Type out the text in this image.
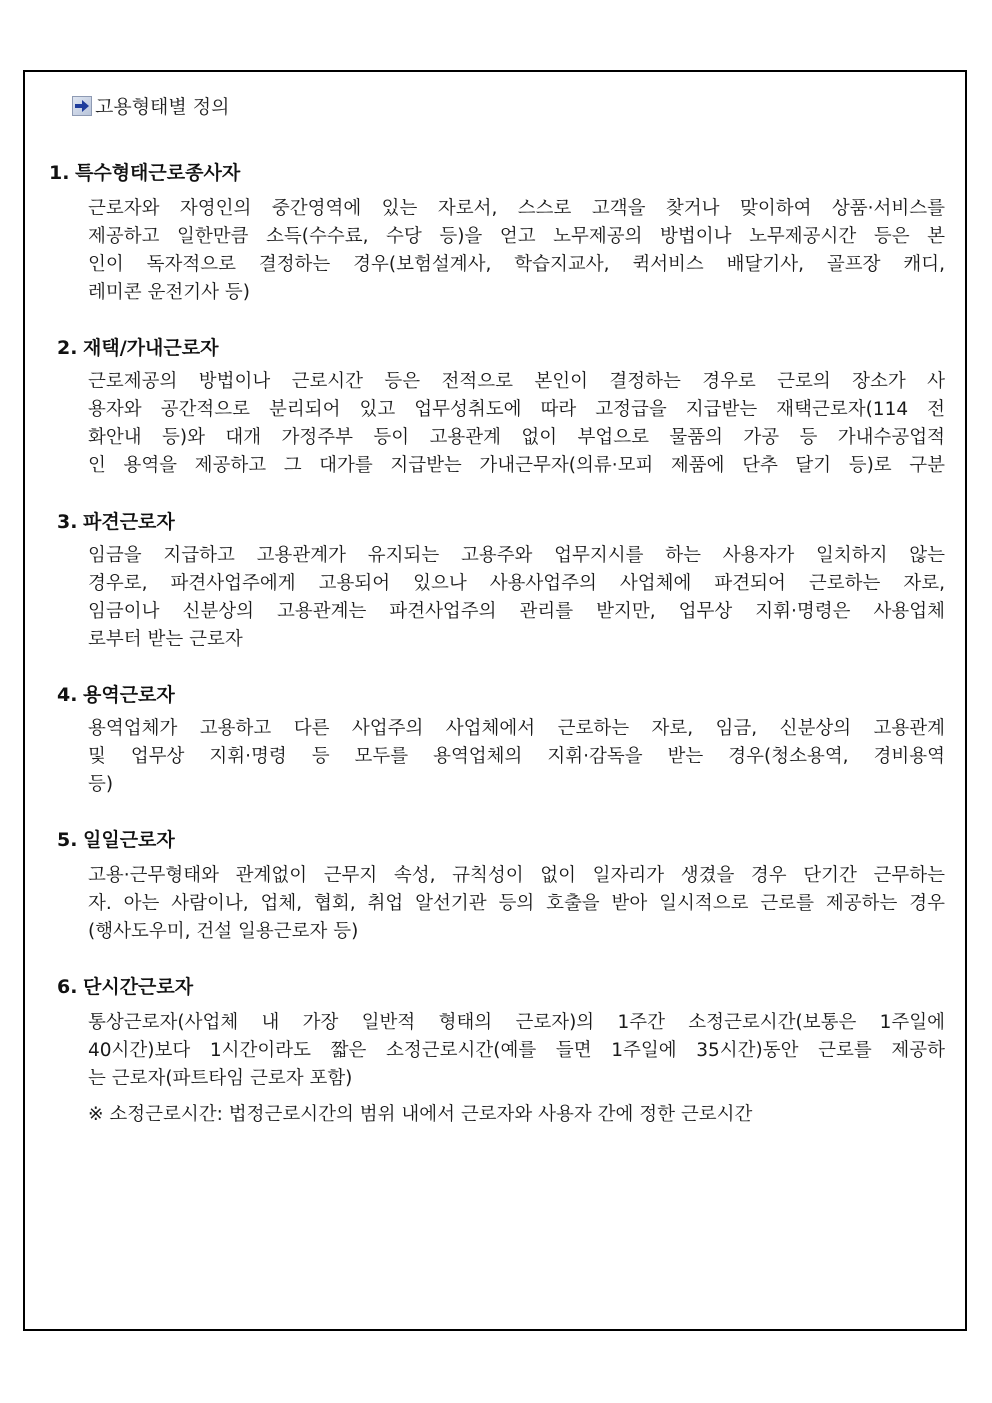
고용형태별 정의
1. 특수형태근로종사자
근로자와 자영인의 중간영역에 있는 자로서, 스스로 고객을 찾거나 맞이하여 상품·서비스를
제공하고 일한만큼 소득(수수료, 수당 등)을 얻고 노무제공의 방법이나 노무제공시간 등은 본
인이 독자적으로 결정하는 경우(보험설계사, 학습지교사, 퀵서비스 배달기사, 골프장 캐디,
레미콘 운전기사 등)
2. 재택/가내근로자
근로제공의 방법이나 근로시간 등은 전적으로 본인이 결정하는 경우로 근로의 장소가 사
용자와 공간적으로 분리되어 있고 업무성취도에 따라 고정급을 지급받는 재택근로자(114 전
화안내 등)와 대개 가정주부 등이 고용관계 없이 부업으로 물품의 가공 등 가내수공업적
인 용역을 제공하고 그 대가를 지급받는 가내근무자(의류·모피 제품에 단추 달기 등)로 구분
3. 파견근로자
임금을 지급하고 고용관계가 유지되는 고용주와 업무지시를 하는 사용자가 일치하지 않는
경우로, 파견사업주에게 고용되어 있으나 사용사업주의 사업체에 파견되어 근로하는 자로,
임금이나 신분상의 고용관계는 파견사업주의 관리를 받지만, 업무상 지휘·명령은 사용업체
로부터 받는 근로자
4. 용역근로자
용역업체가 고용하고 다른 사업주의 사업체에서 근로하는 자로, 임금, 신분상의 고용관계
및 업무상 지휘·명령 등 모두를 용역업체의 지휘·감독을 받는 경우(청소용역, 경비용역
등)
5. 일일근로자
고용·근무형태와 관계없이 근무지 속성, 규칙성이 없이 일자리가 생겼을 경우 단기간 근무하는
자. 아는 사람이나, 업체, 협회, 취업 알선기관 등의 호출을 받아 일시적으로 근로를 제공하는 경우
(행사도우미, 건설 일용근로자 등)
6. 단시간근로자
통상근로자(사업체 내 가장 일반적 형태의 근로자)의 1주간 소정근로시간(보통은 1주일에
40시간)보다 1시간이라도 짧은 소정근로시간(예를 들면 1주일에 35시간)동안 근로를 제공하
는 근로자(파트타임 근로자 포함)
※ 소정근로시간: 법정근로시간의 범위 내에서 근로자와 사용자 간에 정한 근로시간
